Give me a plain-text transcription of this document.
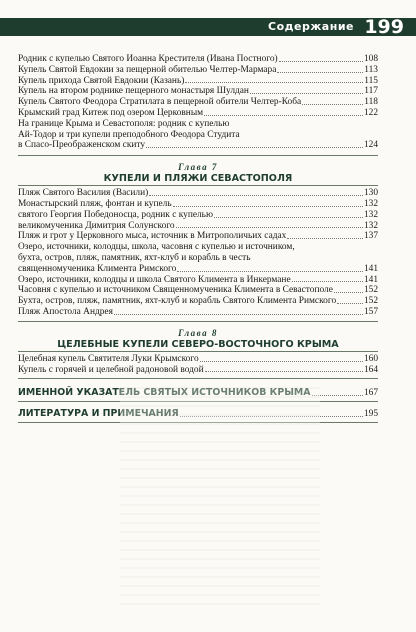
Содержание 199
Родник с купелью Святого Иоанна Крестителя (Ивана Постного)	108
Купель Святой Евдокии за пещерной обителью Челтер-Мармара	113
Купель прихода Святой Евдокии (Казань)	115
Купель на втором роднике пещерного монастыря Шулдан	117
Купель Святого Феодора Стратилата в пещерной обители Челтер-Коба	118
Крымский град Китеж под озером Церковным	122
На границе Крыма и Севастополя: родник с купелью
Ай-Тодор и три купели преподобного Феодора Студита
в Спасо-Преображенском скиту	124
Глава 7
КУПЕЛИ И ПЛЯЖИ СЕВАСТОПОЛЯ
Пляж Святого Василия (Васили)	130
Монастырский пляж, фонтан и купель	132
святого Георгия Победоносца, родник с купелью	132
великомученика Димитрия Солунского	132
Пляж и грот у Церковного мыса, источник в Митрополичьих садах	137
Озеро, источники, колодцы, школа, часовня с купелью и источником,
бухта, остров, пляж, памятник, яхт-клуб и корабль в честь
священномученика Климента Римского	141
Озеро, источники, колодцы и школа Святого Климента в Инкермане	141
Часовня с купелью и источником Священномученика Климента в Севастополе	152
Бухта, остров, пляж, памятник, яхт-клуб и корабль Святого Климента Римского	152
Пляж Апостола Андрея	157
Глава 8
ЦЕЛЕБНЫЕ КУПЕЛИ СЕВЕРО-ВОСТОЧНОГО КРЫМА
Целебная купель Святителя Луки Крымского	160
Купель с горячей и целебной радоновой водой	164
ИМЕННОЙ УКАЗАТЕЛЬ СВЯТЫХ ИСТОЧНИКОВ КРЫМА	167
ЛИТЕРАТУРА И ПРИМЕЧАНИЯ	195
